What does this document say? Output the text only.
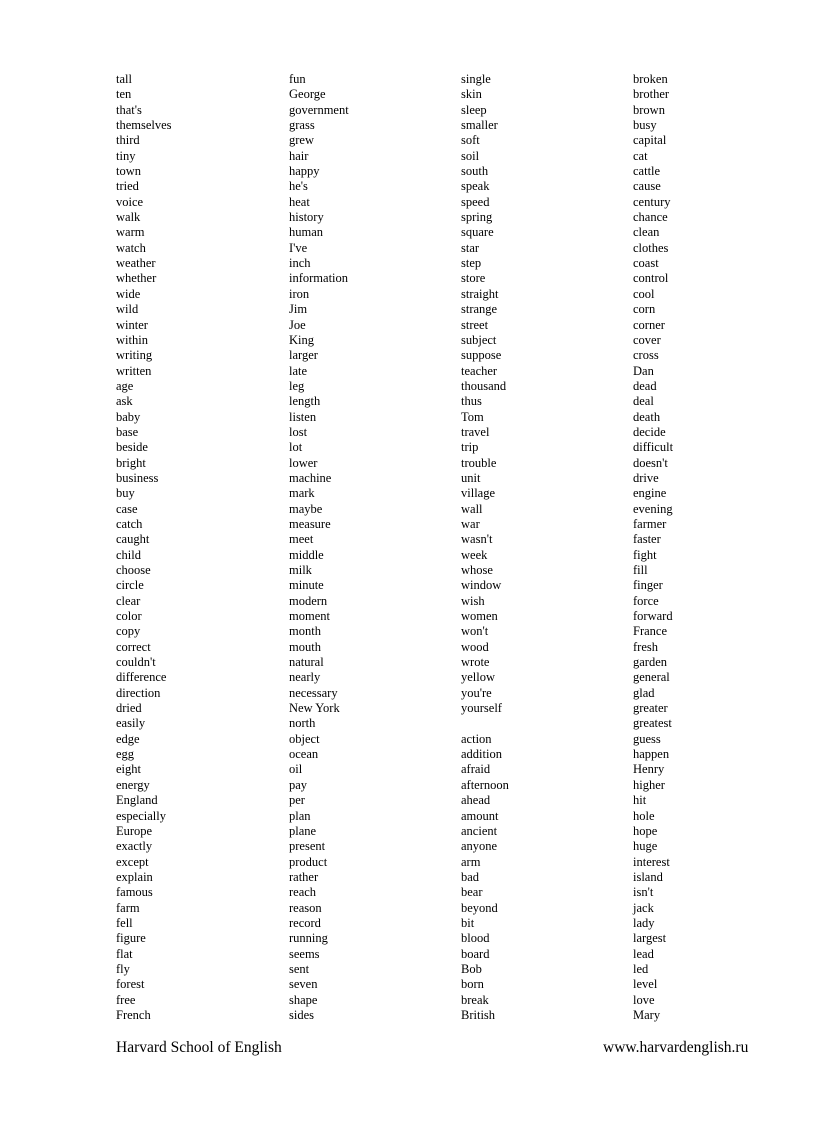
tall
ten
that's
themselves
third
tiny
town
tried
voice
walk
warm
watch
weather
whether
wide
wild
winter
within
writing
written
age
ask
baby
base
beside
bright
business
buy
case
catch
caught
child
choose
circle
clear
color
copy
correct
couldn't
difference
direction
dried
easily
edge
egg
eight
energy
England
especially
Europe
exactly
except
explain
famous
farm
fell
figure
flat
fly
forest
free
French
fun
George
government
grass
grew
hair
happy
he's
heat
history
human
I've
inch
information
iron
Jim
Joe
King
larger
late
leg
length
listen
lost
lot
lower
machine
mark
maybe
measure
meet
middle
milk
minute
modern
moment
month
mouth
natural
nearly
necessary
New York
north
object
ocean
oil
pay
per
plan
plane
present
product
rather
reach
reason
record
running
seems
sent
seven
shape
sides
single
skin
sleep
smaller
soft
soil
south
speak
speed
spring
square
star
step
store
straight
strange
street
subject
suppose
teacher
thousand
thus
Tom
travel
trip
trouble
unit
village
wall
war
wasn't
week
whose
window
wish
women
won't
wood
wrote
yellow
you're
yourself
action
addition
afraid
afternoon
ahead
amount
ancient
anyone
arm
bad
bear
beyond
bit
blood
board
Bob
born
break
British
broken
brother
brown
busy
capital
cat
cattle
cause
century
chance
clean
clothes
coast
control
cool
corn
corner
cover
cross
Dan
dead
deal
death
decide
difficult
doesn't
drive
engine
evening
farmer
faster
fight
fill
finger
force
forward
France
fresh
garden
general
glad
greater
greatest
guess
happen
Henry
higher
hit
hole
hope
huge
interest
island
isn't
jack
lady
largest
lead
led
level
love
Mary
Harvard School of English	www.harvardenglish.ru
